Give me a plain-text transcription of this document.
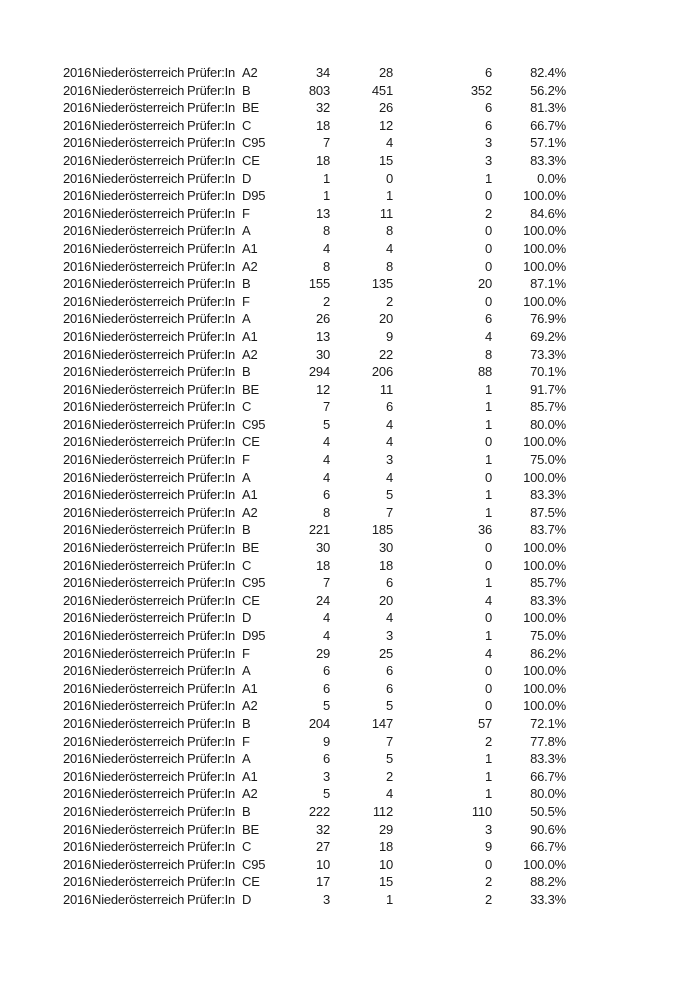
2016	Niederösterreich	Prüfer:In	A2	34	28	6	82.4%
2016	Niederösterreich	Prüfer:In	B	803	451	352	56.2%
2016	Niederösterreich	Prüfer:In	BE	32	26	6	81.3%
2016	Niederösterreich	Prüfer:In	C	18	12	6	66.7%
2016	Niederösterreich	Prüfer:In	C95	7	4	3	57.1%
2016	Niederösterreich	Prüfer:In	CE	18	15	3	83.3%
2016	Niederösterreich	Prüfer:In	D	1	0	1	0.0%
2016	Niederösterreich	Prüfer:In	D95	1	1	0	100.0%
2016	Niederösterreich	Prüfer:In	F	13	11	2	84.6%
2016	Niederösterreich	Prüfer:In	A	8	8	0	100.0%
2016	Niederösterreich	Prüfer:In	A1	4	4	0	100.0%
2016	Niederösterreich	Prüfer:In	A2	8	8	0	100.0%
2016	Niederösterreich	Prüfer:In	B	155	135	20	87.1%
2016	Niederösterreich	Prüfer:In	F	2	2	0	100.0%
2016	Niederösterreich	Prüfer:In	A	26	20	6	76.9%
2016	Niederösterreich	Prüfer:In	A1	13	9	4	69.2%
2016	Niederösterreich	Prüfer:In	A2	30	22	8	73.3%
2016	Niederösterreich	Prüfer:In	B	294	206	88	70.1%
2016	Niederösterreich	Prüfer:In	BE	12	11	1	91.7%
2016	Niederösterreich	Prüfer:In	C	7	6	1	85.7%
2016	Niederösterreich	Prüfer:In	C95	5	4	1	80.0%
2016	Niederösterreich	Prüfer:In	CE	4	4	0	100.0%
2016	Niederösterreich	Prüfer:In	F	4	3	1	75.0%
2016	Niederösterreich	Prüfer:In	A	4	4	0	100.0%
2016	Niederösterreich	Prüfer:In	A1	6	5	1	83.3%
2016	Niederösterreich	Prüfer:In	A2	8	7	1	87.5%
2016	Niederösterreich	Prüfer:In	B	221	185	36	83.7%
2016	Niederösterreich	Prüfer:In	BE	30	30	0	100.0%
2016	Niederösterreich	Prüfer:In	C	18	18	0	100.0%
2016	Niederösterreich	Prüfer:In	C95	7	6	1	85.7%
2016	Niederösterreich	Prüfer:In	CE	24	20	4	83.3%
2016	Niederösterreich	Prüfer:In	D	4	4	0	100.0%
2016	Niederösterreich	Prüfer:In	D95	4	3	1	75.0%
2016	Niederösterreich	Prüfer:In	F	29	25	4	86.2%
2016	Niederösterreich	Prüfer:In	A	6	6	0	100.0%
2016	Niederösterreich	Prüfer:In	A1	6	6	0	100.0%
2016	Niederösterreich	Prüfer:In	A2	5	5	0	100.0%
2016	Niederösterreich	Prüfer:In	B	204	147	57	72.1%
2016	Niederösterreich	Prüfer:In	F	9	7	2	77.8%
2016	Niederösterreich	Prüfer:In	A	6	5	1	83.3%
2016	Niederösterreich	Prüfer:In	A1	3	2	1	66.7%
2016	Niederösterreich	Prüfer:In	A2	5	4	1	80.0%
2016	Niederösterreich	Prüfer:In	B	222	112	110	50.5%
2016	Niederösterreich	Prüfer:In	BE	32	29	3	90.6%
2016	Niederösterreich	Prüfer:In	C	27	18	9	66.7%
2016	Niederösterreich	Prüfer:In	C95	10	10	0	100.0%
2016	Niederösterreich	Prüfer:In	CE	17	15	2	88.2%
2016	Niederösterreich	Prüfer:In	D	3	1	2	33.3%
